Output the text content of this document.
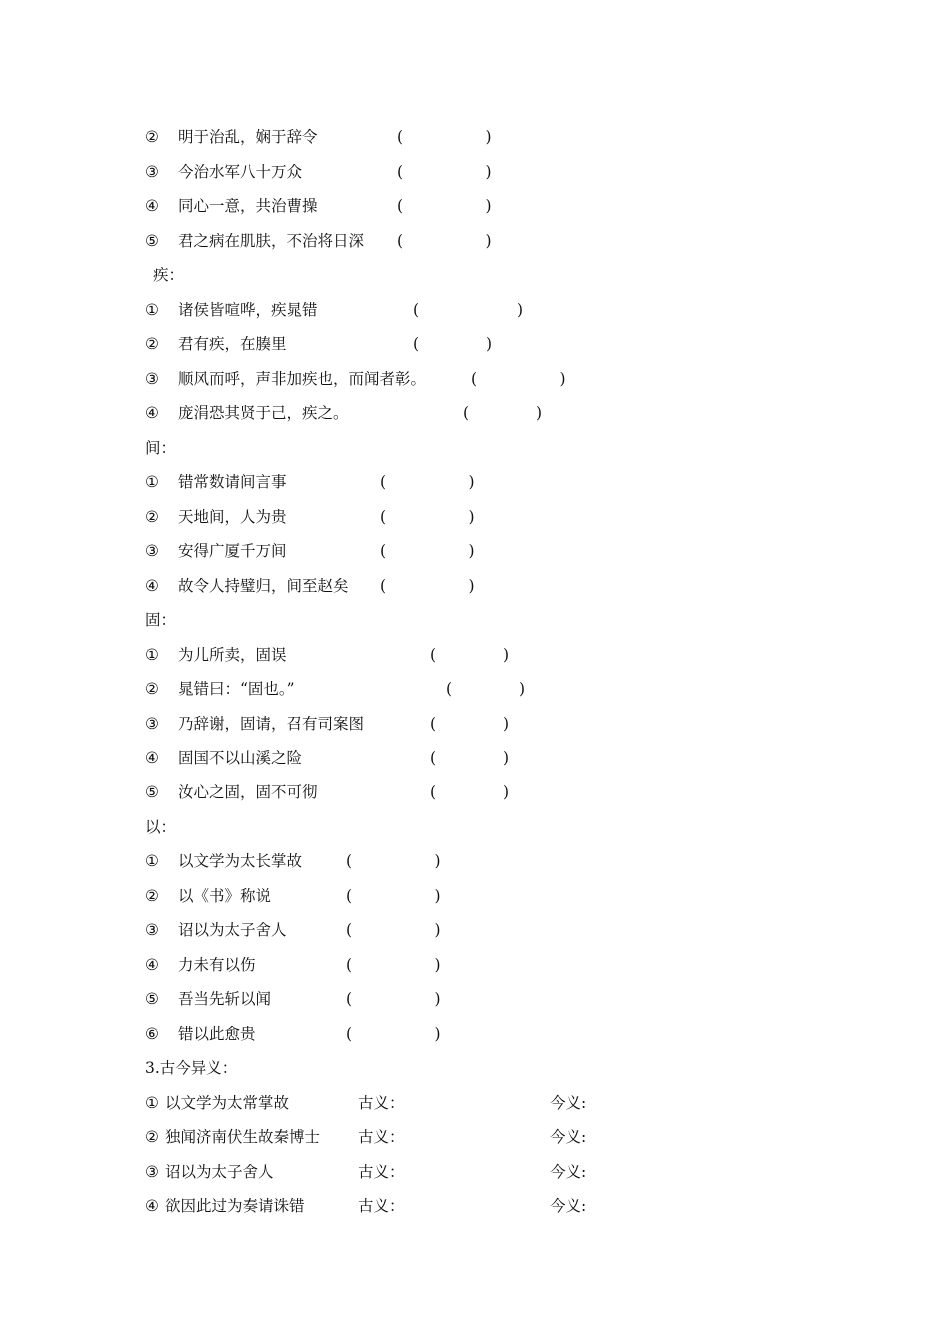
② 明于治乱，娴于辞令	( 　　　　　)
③ 今治水军八十万众	( 　　　　　)
④ 同心一意，共治曹操	( 　　　　　)
⑤ 君之病在肌肤，不治将日深 ( 　　　　　)
疾：
① 诸侯皆喧哗，疾晁错	( 　　　　　　)
② 君有疾，在腠里	( 　　　　)
③ 顺风而呼，声非加疾也，而闻者彰。	( 　　　　　)
④ 庞涓恐其贤于己，疾之。	( 　　　　)
间：
① 错常数请间言事	( 　　　　　)
② 天地间，人为贵	( 　　　　　)
③ 安得广厦千万间	( 　　　　　)
④ 故令人持璧归，间至赵矣 ( 　　　　　)
固：
① 为儿所卖，固误	( 　　　　)
② 晁错曰：“固也。”	( 　　　　)
③ 乃辞谢，固请，召有司案图	( 　　　　)
④ 固国不以山溪之险	( 　　　　)
⑤ 汝心之固，固不可彻	( 　　　　)
以：
① 以文学为太长掌故	( 　　　　　)
② 以《书》称说	( 　　　　　)
③ 诏以为太子舍人	( 　　　　　)
④ 力未有以伤	( 　　　　　)
⑤ 吾当先斩以闻	( 　　　　　)
⑥ 错以此愈贵	( 　　　　　)
3.古今异义：
① 以文学为太常掌故	古义：	今义:
② 独闻济南伏生故秦博士 古义：	今义:
③ 诏以为太子舍人	古义：	今义:
④ 欲因此过为奏请诛错	古义：	今义:
